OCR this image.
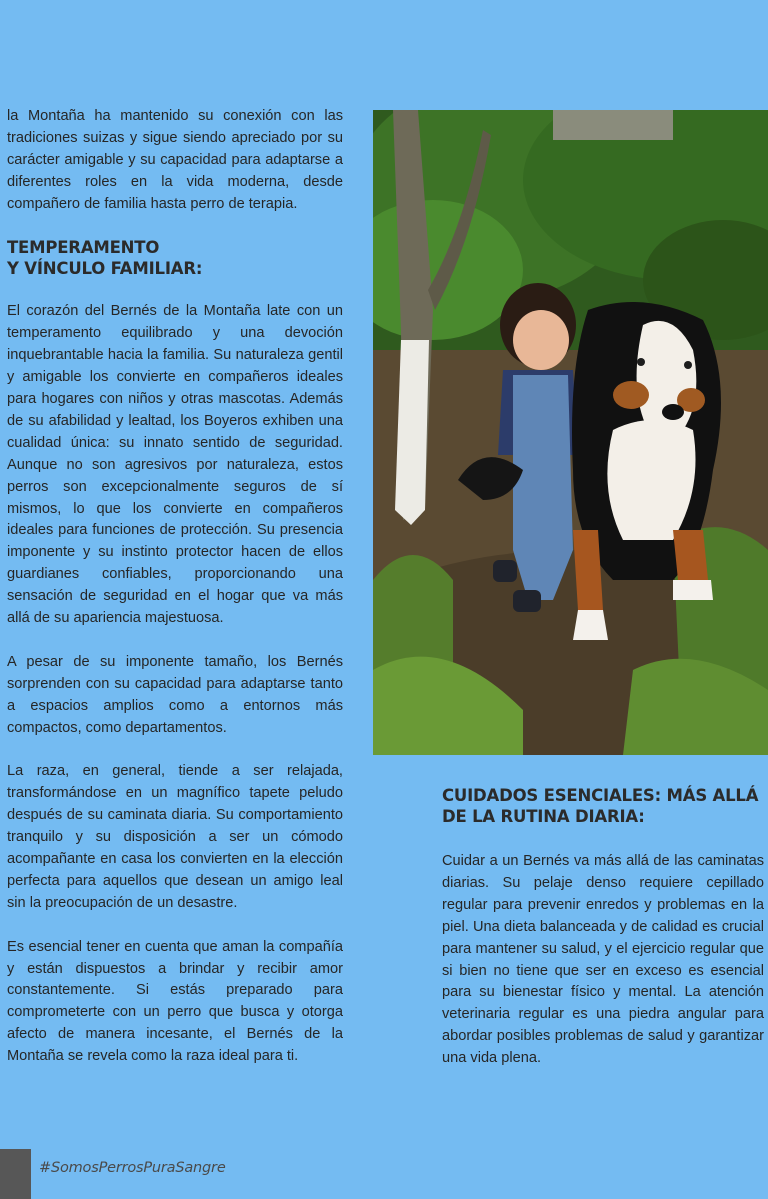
la Montaña ha mantenido su conexión con las tradiciones suizas y sigue siendo apreciado por su carácter amigable y su capacidad para adaptarse a diferentes roles en la vida moderna, desde compañero de familia hasta perro de terapia.

TEMPERAMENTO
Y VÍNCULO FAMILIAR:

El corazón del Bernés de la Montaña late con un temperamento equilibrado y una devoción inquebrantable hacia la familia. Su naturaleza gentil y amigable los convierte en compañeros ideales para hogares con niños y otras mascotas. Además de su afabilidad y lealtad, los Boyeros exhiben una cualidad única: su innato sentido de seguridad. Aunque no son agresivos por naturaleza, estos perros son excepcionalmente seguros de sí mismos, lo que los convierte en compañeros ideales para funciones de protección. Su presencia imponente y su instinto protector hacen de ellos guardianes confiables, proporcionando una sensación de seguridad en el hogar que va más allá de su apariencia majestuosa.

A pesar de su imponente tamaño, los Bernés sorprenden con su capacidad para adaptarse tanto a espacios amplios como a entornos más compactos, como departamentos.

La raza, en general, tiende a ser relajada, transformándose en un magnífico tapete peludo después de su caminata diaria. Su comportamiento tranquilo y su disposición a ser un cómodo acompañante en casa los convierten en la elección perfecta para aquellos que desean un amigo leal sin la preocupación de un desastre.

Es esencial tener en cuenta que aman la compañía y están dispuestos a brindar y recibir amor constantemente. Si estás preparado para comprometerte con un perro que busca y otorga afecto de manera incesante, el Bernés de la Montaña se revela como la raza ideal para ti.

CUIDADOS ESENCIALES: MÁS ALLÁ
DE LA RUTINA DIARIA:

Cuidar a un Bernés va más allá de las caminatas diarias. Su pelaje denso requiere cepillado regular para prevenir enredos y problemas en la piel. Una dieta balanceada y de calidad es crucial para mantener su salud, y el ejercicio regular que si bien no tiene que ser en exceso es esencial para su bienestar físico y mental. La atención veterinaria regular es una piedra angular para abordar posibles problemas de salud y garantizar una vida plena.

#SomosPerrosPuraSangre
